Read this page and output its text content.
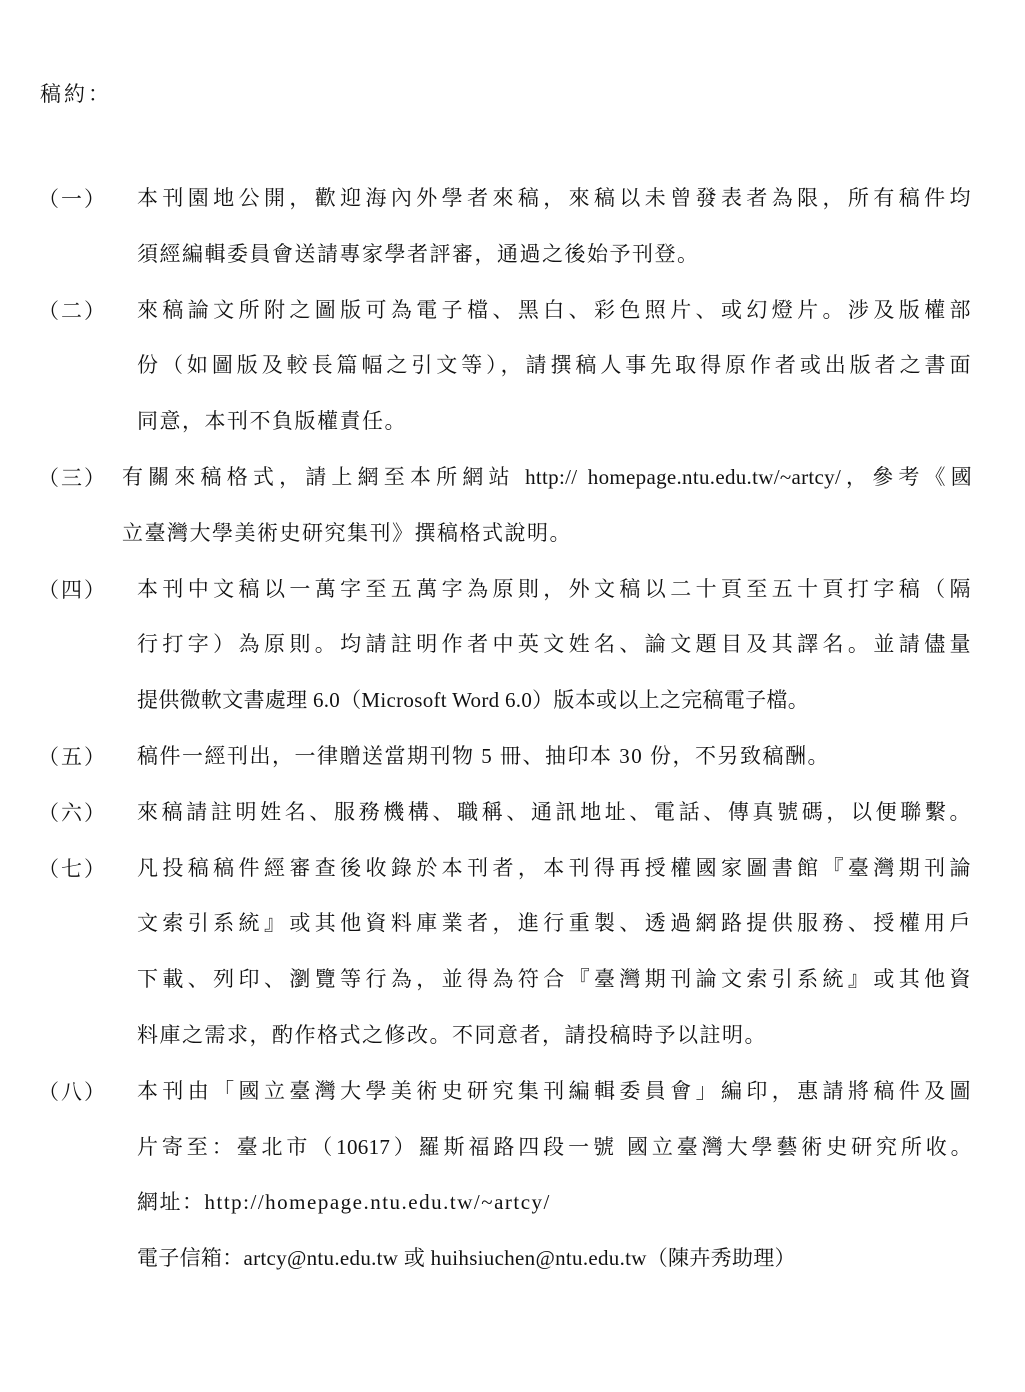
稿約：
（一） 本刊園地公開，歡迎海內外學者來稿，來稿以未曾發表者為限，所有稿件均
須經編輯委員會送請專家學者評審，通過之後始予刊登。
（二） 來稿論文所附之圖版可為電子檔、黑白、彩色照片、或幻燈片。涉及版權部
份（如圖版及較長篇幅之引文等），請撰稿人事先取得原作者或出版者之書面
同意，本刊不負版權責任。
（三） 有關來稿格式，請上網至本所網站 http:// homepage.ntu.edu.tw/~artcy/，參考《國
立臺灣大學美術史研究集刊》撰稿格式說明。
（四） 本刊中文稿以一萬字至五萬字為原則，外文稿以二十頁至五十頁打字稿（隔
行打字）為原則。均請註明作者中英文姓名、論文題目及其譯名。並請儘量
提供微軟文書處理 6.0（Microsoft Word 6.0）版本或以上之完稿電子檔。
（五） 稿件一經刊出，一律贈送當期刊物 5 冊、抽印本 30 份，不另致稿酬。
（六） 來稿請註明姓名、服務機構、職稱、通訊地址、電話、傳真號碼，以便聯繫。
（七） 凡投稿稿件經審查後收錄於本刊者，本刊得再授權國家圖書館『臺灣期刊論
文索引系統』或其他資料庫業者，進行重製、透過網路提供服務、授權用戶
下載、列印、瀏覽等行為，並得為符合『臺灣期刊論文索引系統』或其他資
料庫之需求，酌作格式之修改。不同意者，請投稿時予以註明。
（八） 本刊由「國立臺灣大學美術史研究集刊編輯委員會」編印，惠請將稿件及圖
片寄至：臺北市（10617）羅斯福路四段一號 國立臺灣大學藝術史研究所收。
網址：http://homepage.ntu.edu.tw/~artcy/
電子信箱：artcy@ntu.edu.tw 或 huihsiuchen@ntu.edu.tw（陳卉秀助理）
